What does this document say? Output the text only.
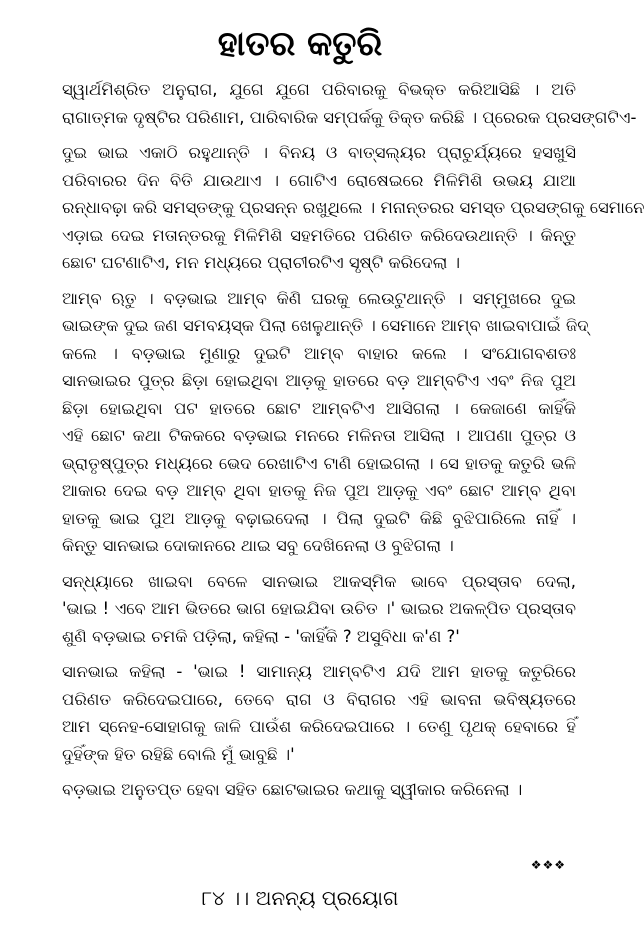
ହାତର କତୁରି

ସ୍ୱାର୍ଥମିଶ୍ରିତ ଅନୁରାଗ, ଯୁଗେ ଯୁଗେ ପରିବାରକୁ ବିଭକ୍ତ କରିଆସିଛି । ଅତି
ରାଗାତ୍ମକ ଦୃଷ୍ଟିର ପରିଣାମ, ପାରିବାରିକ ସମ୍ପର୍କକୁ ତିକ୍ତ କରିଛି । ପ୍ରେରକ ପ୍ରସଙ୍ଗଟିଏ-

ଦୁଇ ଭାଇ ଏକାଠି ରହୁଥାନ୍ତି । ବିନୟ ଓ ବାତ୍ସଲ୍ୟର ପ୍ରାଚୁର୍ଯ୍ୟରେ ହସଖୁସି
ପରିବାରର ଦିନ ବିତି ଯାଉଥାଏ । ଗୋଟିଏ ରୋଷେଇରେ ମିଳିମିଶି ଉଭୟ ଯାଆ
ରନ୍ଧାବଢ଼ା କରି ସମସ୍ତଙ୍କୁ ପ୍ରସନ୍ନ ରଖୁଥିଲେ । ମନାନ୍ତରର ସମସ୍ତ ପ୍ରସଙ୍ଗକୁ ସେମାନେ
ଏଡ଼ାଇ ଦେଇ ମତାନ୍ତରକୁ ମିଳିମିଶି ସହମତିରେ ପରିଣତ କରିଦେଉଥାନ୍ତି । କିନ୍ତୁ
ଛୋଟ ଘଟଣାଟିଏ, ମନ ମଧ୍ୟରେ ପ୍ରାଚୀରଟିଏ ସୃଷ୍ଟି କରିଦେଲା ।

ଆମ୍ବ ଋତୁ । ବଡ଼ଭାଇ ଆମ୍ବ କିଣି ଘରକୁ ଲେଉଟୁଥାନ୍ତି । ସମ୍ମୁଖରେ ଦୁଇ
ଭାଇଙ୍କ ଦୁଇ ଜଣ ସମବୟସ୍କ ପିଲା ଖେଳୁଥାନ୍ତି । ସେମାନେ ଆମ୍ବ ଖାଇବାପାଇଁ ଜିଦ୍
କଲେ । ବଡ଼ଭାଇ ମୁଣାରୁ ଦୁଇଟି ଆମ୍ବ ବାହାର କଲେ । ସଂଯୋଗବଶତଃ
ସାନଭାଇର ପୁତ୍ର ଛିଡ଼ା ହୋଇଥିବା ଆଡ଼କୁ ହାତରେ ବଡ଼ ଆମ୍ବଟିଏ ଏବଂ ନିଜ ପୁଅ
ଛିଡ଼ା ହୋଇଥିବା ପଟ ହାତରେ ଛୋଟ ଆମ୍ବଟିଏ ଆସିଗଲା । କେଜାଣେ କାହିଁକି
ଏହି ଛୋଟ କଥା ଟିକକରେ ବଡ଼ଭାଇ ମନରେ ମଳିନତା ଆସିଲା । ଆପଣା ପୁତ୍ର ଓ
ଭ୍ରାତୃଷ୍ପୁତ୍ର ମଧ୍ୟରେ ଭେଦ ରେଖାଟିଏ ଟାଣି ହୋଇଗଲା । ସେ ହାତକୁ କତୁରି ଭଳି
ଆକାର ଦେଇ ବଡ଼ ଆମ୍ବ ଥିବା ହାତକୁ ନିଜ ପୁଅ ଆଡ଼କୁ ଏବଂ ଛୋଟ ଆମ୍ବ ଥିବା
ହାତକୁ ଭାଇ ପୁଅ ଆଡ଼କୁ ବଢ଼ାଇଦେଲା । ପିଲା ଦୁଇଟି କିଛି ବୁଝିପାରିଲେ ନାହିଁ ।
କିନ୍ତୁ ସାନଭାଇ ଦୋକାନରେ ଥାଇ ସବୁ ଦେଖିନେଲା ଓ ବୁଝିଗଲା ।

ସନ୍ଧ୍ୟାରେ ଖାଇବା ବେଳେ ସାନଭାଇ ଆକସ୍ମିକ ଭାବେ ପ୍ରସ୍ତାବ ଦେଲା,
'ଭାଇ ! ଏବେ ଆମ ଭିତରେ ଭାଗ ହୋଇଯିବା ଉଚିତ ।' ଭାଇର ଅକଳ୍ପିତ ପ୍ରସ୍ତାବ
ଶୁଣି ବଡ଼ଭାଇ ଚମକି ପଡ଼ିଲା, କହିଲା - 'କାହିଁକି ? ଅସୁବିଧା କ'ଣ ?'

ସାନଭାଇ କହିଲା - 'ଭାଇ ! ସାମାନ୍ୟ ଆମ୍ବଟିଏ ଯଦି ଆମ ହାତକୁ କତୁରିରେ
ପରିଣତ କରିଦେଇପାରେ, ତେବେ ରାଗ ଓ ବିରାଗର ଏହି ଭାବନା ଭବିଷ୍ୟତରେ
ଆମ ସ୍ନେହ-ସୋହାଗକୁ ଜାଳି ପାଉଁଶ କରିଦେଇପାରେ । ତେଣୁ ପୃଥକ୍ ହେବାରେ ହିଁ
ଦୁହିଁଙ୍କ ହିତ ରହିଛି ବୋଲି ମୁଁ ଭାବୁଛି ।'

ବଡ଼ଭାଇ ଅନୁତପ୍ତ ହେବା ସହିତ ଛୋଟଭାଇର କଥାକୁ ସ୍ୱୀକାର କରିନେଲା ।

❖❖❖
୮୪ ।। ଅନନ୍ୟ ପ୍ରୟୋଗ
